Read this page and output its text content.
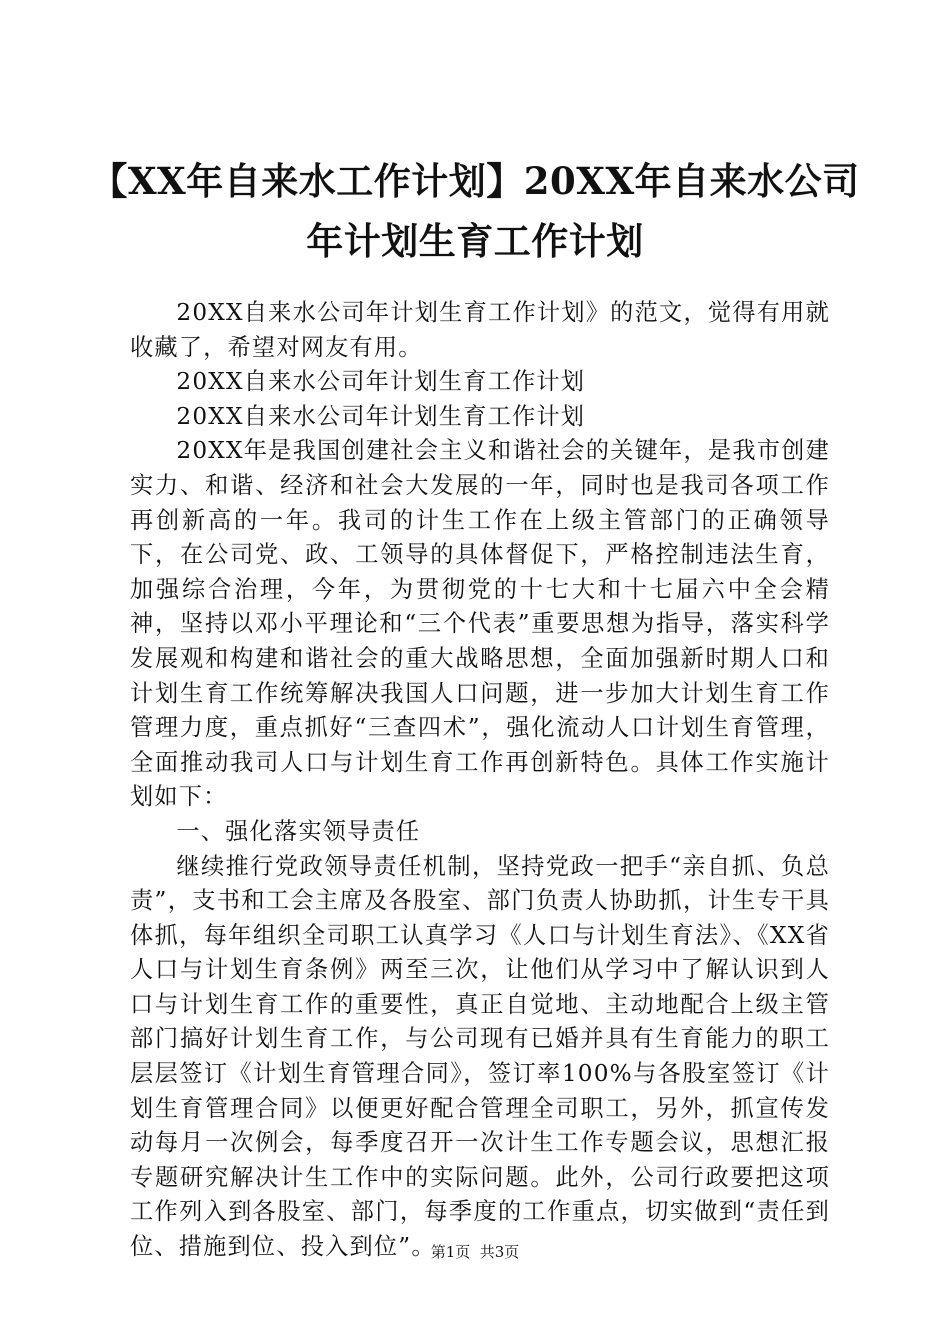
【XX年自来水工作计划】20XX年自来水公司
年计划生育工作计划

20XX自来水公司年计划生育工作计划》的范文，觉得有用就收藏了，希望对网友有用。

20XX自来水公司年计划生育工作计划

20XX自来水公司年计划生育工作计划

20XX年是我国创建社会主义和谐社会的关键年，是我市创建实力、和谐、经济和社会大发展的一年，同时也是我司各项工作再创新高的一年。我司的计生工作在上级主管部门的正确领导下，在公司党、政、工领导的具体督促下，严格控制违法生育，加强综合治理，今年，为贯彻党的十七大和十七届六中全会精神，坚持以邓小平理论和“三个代表”重要思想为指导，落实科学发展观和构建和谐社会的重大战略思想，全面加强新时期人口和计划生育工作统筹解决我国人口问题，进一步加大计划生育工作管理力度，重点抓好“三查四术”，强化流动人口计划生育管理，全面推动我司人口与计划生育工作再创新特色。具体工作实施计划如下：

一、强化落实领导责任

继续推行党政领导责任机制，坚持党政一把手“亲自抓、负总责”，支书和工会主席及各股室、部门负责人协助抓，计生专干具体抓，每年组织全司职工认真学习《人口与计划生育法》、《XX省人口与计划生育条例》两至三次，让他们从学习中了解认识到人口与计划生育工作的重要性，真正自觉地、主动地配合上级主管部门搞好计划生育工作，与公司现有已婚并具有生育能力的职工层层签订《计划生育管理合同》，签订率100%与各股室签订《计划生育管理合同》以便更好配合管理全司职工，另外，抓宣传发动每月一次例会，每季度召开一次计生工作专题会议，思想汇报专题研究解决计生工作中的实际问题。此外，公司行政要把这项工作列入到各股室、部门，每季度的工作重点，切实做到“责任到位、措施到位、投入到位”。

第1页  共3页
